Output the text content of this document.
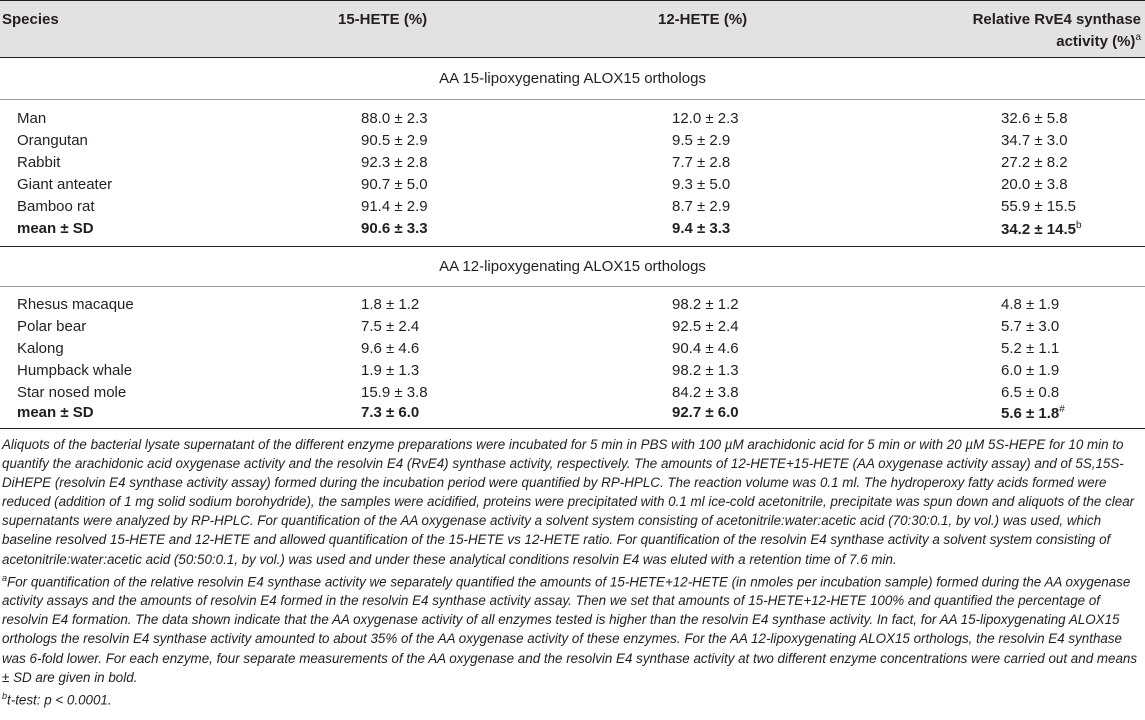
Species	15-HETE (%)	12-HETE (%)	Relative RvE4 synthase
activity (%)$^a$
AA 15-lipoxygenating ALOX15 orthologs
Man	88.0 ± 2.3	12.0 ± 2.3	32.6 ± 5.8
Orangutan	90.5 ± 2.9	9.5 ± 2.9	34.7 ± 3.0
Rabbit	92.3 ± 2.8	7.7 ± 2.8	27.2 ± 8.2
Giant anteater	90.7 ± 5.0	9.3 ± 5.0	20.0 ± 3.8
Bamboo rat	91.4 ± 2.9	8.7 ± 2.9	55.9 ± 15.5
mean ± SD	90.6 ± 3.3	9.4 ± 3.3	34.2 ± 14.5$^b$
AA 12-lipoxygenating ALOX15 orthologs
Rhesus macaque	1.8 ± 1.2	98.2 ± 1.2	4.8 ± 1.9
Polar bear	7.5 ± 2.4	92.5 ± 2.4	5.7 ± 3.0
Kalong	9.6 ± 4.6	90.4 ± 4.6	5.2 ± 1.1
Humpback whale	1.9 ± 1.3	98.2 ± 1.3	6.0 ± 1.9
Star nosed mole	15.9 ± 3.8	84.2 ± 3.8	6.5 ± 0.8
mean ± SD	7.3 ± 6.0	92.7 ± 6.0	5.6 ± 1.8#

Aliquots of the bacterial lysate supernatant of the different enzyme preparations were incubated for 5 min in PBS with 100 µM arachidonic acid for 5 min or with 20 µM 5S-HEPE for 10 min to quantify the arachidonic acid oxygenase activity and the resolvin E4 (RvE4) synthase activity, respectively. The amounts of 12-HETE+15-HETE (AA oxygenase activity assay) and of 5S,15S-DiHEPE (resolvin E4 synthase activity assay) formed during the incubation period were quantified by RP-HPLC. The reaction volume was 0.1 ml. The hydroperoxy fatty acids formed were reduced (addition of 1 mg solid sodium borohydride), the samples were acidified, proteins were precipitated with 0.1 ml ice-cold acetonitrile, precipitate was spun down and aliquots of the clear supernatants were analyzed by RP-HPLC. For quantification of the AA oxygenase activity a solvent system consisting of acetonitrile:water:acetic acid (70:30:0.1, by vol.) was used, which baseline resolved 15-HETE and 12-HETE and allowed quantification of the 15-HETE vs 12-HETE ratio. For quantification of the resolvin E4 synthase activity a solvent system consisting of acetonitrile:water:acetic acid (50:50:0.1, by vol.) was used and under these analytical conditions resolvin E4 was eluted with a retention time of 7.6 min.

$^a$For quantification of the relative resolvin E4 synthase activity we separately quantified the amounts of 15-HETE+12-HETE (in nmoles per incubation sample) formed during the AA oxygenase activity assays and the amounts of resolvin E4 formed in the resolvin E4 synthase activity assay. Then we set that amounts of 15-HETE+12-HETE 100% and quantified the percentage of resolvin E4 formation. The data shown indicate that the AA oxygenase activity of all enzymes tested is higher than the resolvin E4 synthase activity. In fact, for AA 15-lipoxygenating ALOX15 orthologs the resolvin E4 synthase activity amounted to about 35% of the AA oxygenase activity of these enzymes. For the AA 12-lipoxygenating ALOX15 orthologs, the resolvin E4 synthase was 6-fold lower. For each enzyme, four separate measurements of the AA oxygenase and the resolvin E4 synthase activity at two different enzyme concentrations were carried out and means ± SD are given in bold.

$^b$t-test: p < 0.0001.
